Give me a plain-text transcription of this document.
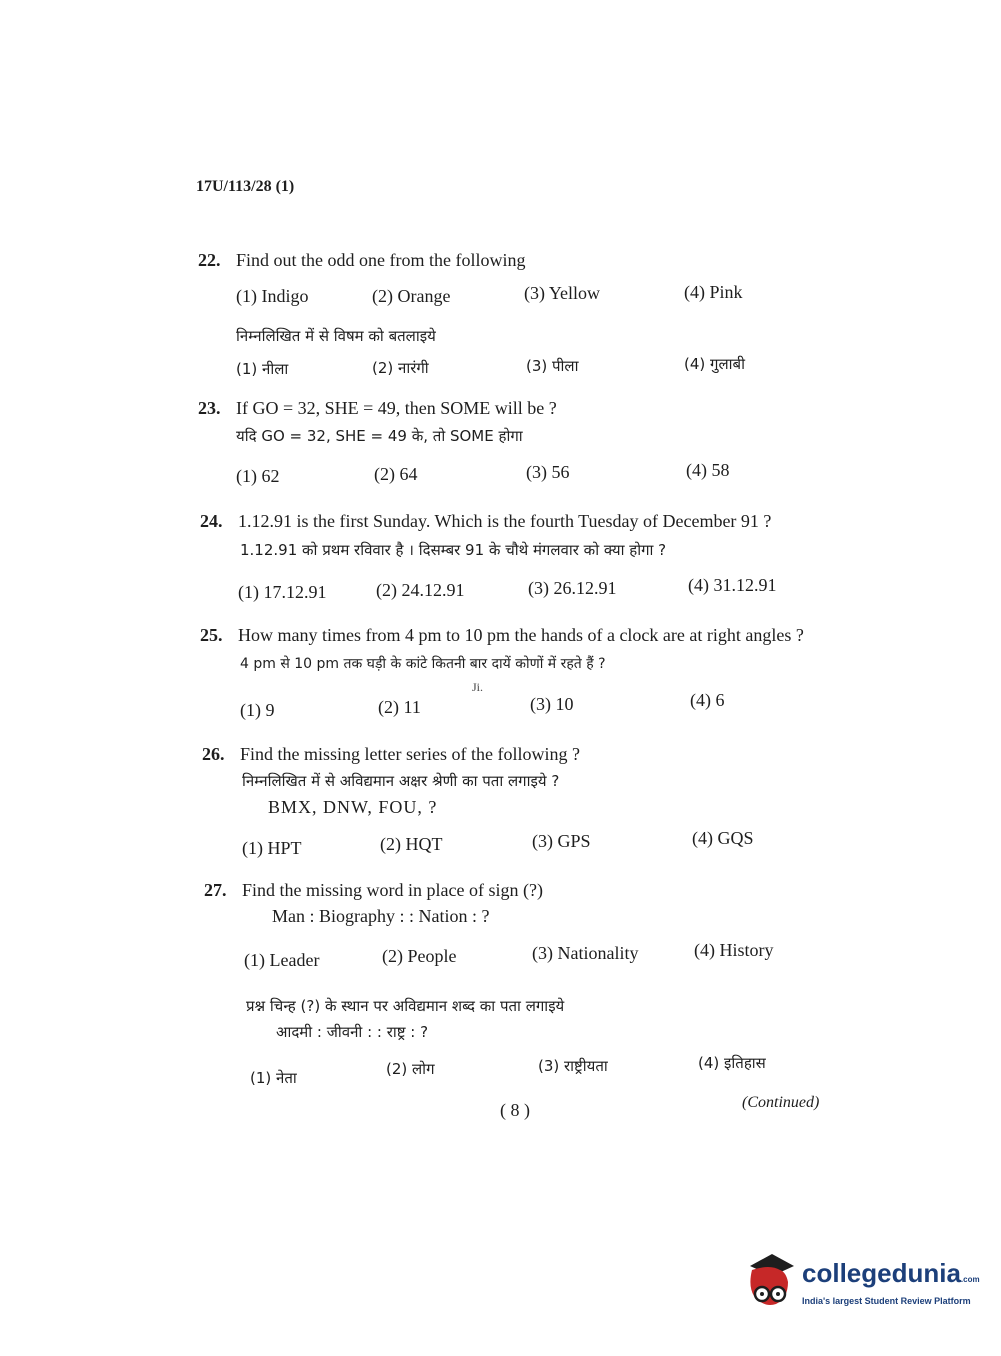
17U/113/28 (1)
22. Find out the odd one from the following
(1) Indigo	(2) Orange	(3) Yellow	(4) Pink
निम्नलिखित में से विषम को बतलाइये
(1) नीला	(2) नारंगी	(3) पीला	(4) गुलाबी
23. If GO = 32, SHE = 49, then SOME will be ?
यदि GO = 32, SHE = 49 के, तो SOME होगा
(1) 62	(2) 64	(3) 56	(4) 58
24. 1.12.91 is the first Sunday. Which is the fourth Tuesday of December 91 ?
1.12.91 को प्रथम रविवार है । दिसम्बर 91 के चौथे मंगलवार को क्या होगा ?
(1) 17.12.91	(2) 24.12.91	(3) 26.12.91	(4) 31.12.91
25. How many times from 4 pm to 10 pm the hands of a clock are at right angles ?
4 pm से 10 pm तक घड़ी के कांटे कितनी बार दायें कोणों में रहते हैं ?
Ji.
(1) 9	(2) 11	(3) 10	(4) 6
26. Find the missing letter series of the following ?
निम्नलिखित में से अविद्यमान अक्षर श्रेणी का पता लगाइये ?
BMX, DNW, FOU, ?
(1) HPT	(2) HQT	(3) GPS	(4) GQS
27. Find the missing word in place of sign (?)
Man : Biography : : Nation : ?
(1) Leader	(2) People	(3) Nationality	(4) History
प्रश्न चिन्ह (?) के स्थान पर अविद्यमान शब्द का पता लगाइये
आदमी : जीवनी : : राष्ट्र : ?
(1) नेता	(2) लोग	(3) राष्ट्रीयता	(4) इतिहास
( 8 )	(Continued)
collegedunia.com
India's largest Student Review Platform
